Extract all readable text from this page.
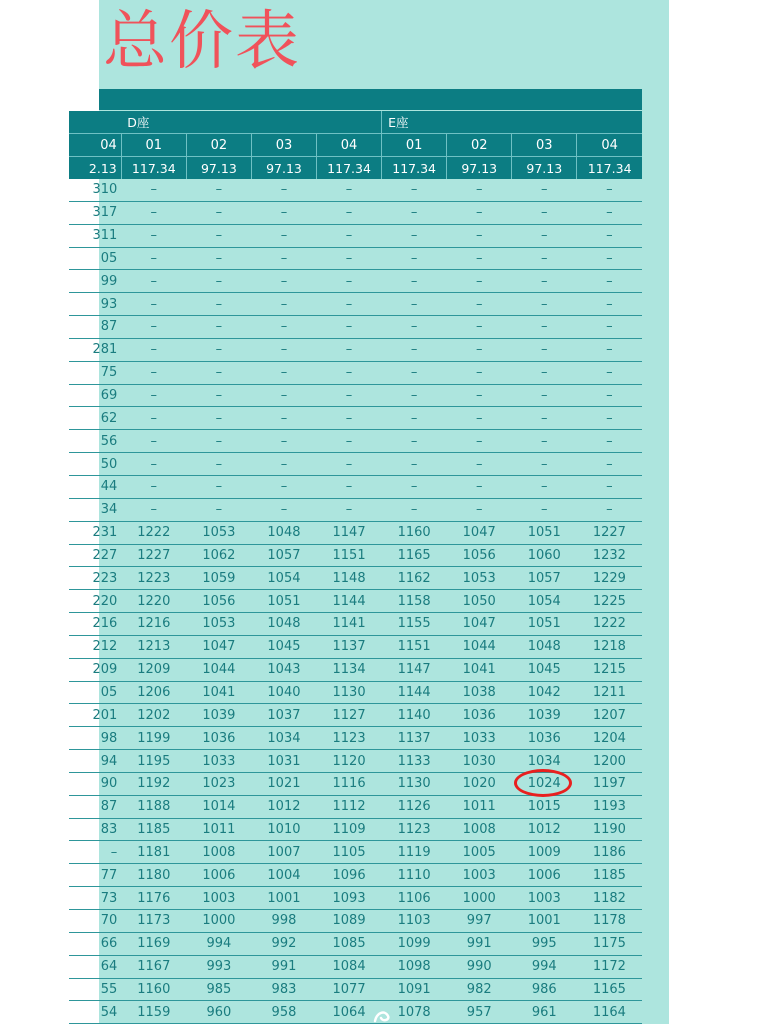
总价表
	D座				E座			
04	01	02	03	04	01	02	03	04
2.13	117.34	97.13	97.13	117.34	117.34	97.13	97.13	117.34
310	–	–	–	–	–	–	–	–
317	–	–	–	–	–	–	–	–
311	–	–	–	–	–	–	–	–
05	–	–	–	–	–	–	–	–
99	–	–	–	–	–	–	–	–
93	–	–	–	–	–	–	–	–
87	–	–	–	–	–	–	–	–
281	–	–	–	–	–	–	–	–
75	–	–	–	–	–	–	–	–
69	–	–	–	–	–	–	–	–
62	–	–	–	–	–	–	–	–
56	–	–	–	–	–	–	–	–
50	–	–	–	–	–	–	–	–
44	–	–	–	–	–	–	–	–
34	–	–	–	–	–	–	–	–
231	1222	1053	1048	1147	1160	1047	1051	1227
227	1227	1062	1057	1151	1165	1056	1060	1232
223	1223	1059	1054	1148	1162	1053	1057	1229
220	1220	1056	1051	1144	1158	1050	1054	1225
216	1216	1053	1048	1141	1155	1047	1051	1222
212	1213	1047	1045	1137	1151	1044	1048	1218
209	1209	1044	1043	1134	1147	1041	1045	1215
05	1206	1041	1040	1130	1144	1038	1042	1211
201	1202	1039	1037	1127	1140	1036	1039	1207
98	1199	1036	1034	1123	1137	1033	1036	1204
94	1195	1033	1031	1120	1133	1030	1034	1200
90	1192	1023	1021	1116	1130	1020	1024	1197
87	1188	1014	1012	1112	1126	1011	1015	1193
83	1185	1011	1010	1109	1123	1008	1012	1190
–	1181	1008	1007	1105	1119	1005	1009	1186
77	1180	1006	1004	1096	1110	1003	1006	1185
73	1176	1003	1001	1093	1106	1000	1003	1182
70	1173	1000	998	1089	1103	997	1001	1178
66	1169	994	992	1085	1099	991	995	1175
64	1167	993	991	1084	1098	990	994	1172
55	1160	985	983	1077	1091	982	986	1165
54	1159	960	958	1064	1078	957	961	1164
